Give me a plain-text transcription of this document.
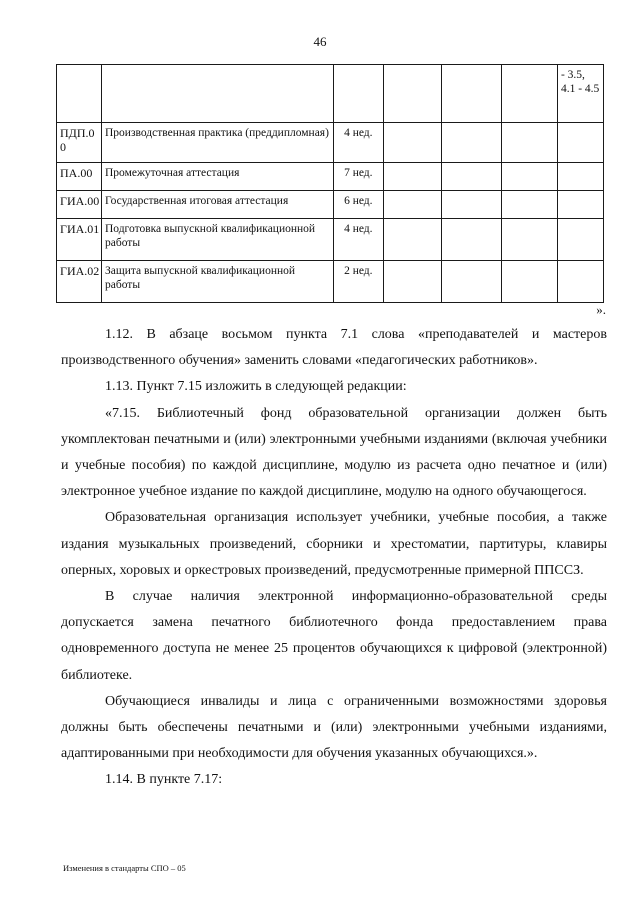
46
						- 3.5, 4.1 - 4.5
ПДП.0 0	Производственная практика (преддипломная)	4 нед.				
ПА.00	Промежуточная аттестация	7 нед.				
ГИА.00	Государственная итоговая аттестация	6 нед.				
ГИА.01	Подготовка выпускной квалификационной работы	4 нед.				
ГИА.02	Защита выпускной квалификационной работы	2 нед.				
».

1.12. В абзаце восьмом пункта 7.1 слова «преподавателей и мастеров производственного обучения» заменить словами «педагогических работников».

1.13. Пункт 7.15 изложить в следующей редакции:

«7.15. Библиотечный фонд образовательной организации должен быть укомплектован печатными и (или) электронными учебными изданиями (включая учебники и учебные пособия) по каждой дисциплине, модулю из расчета одно печатное и (или) электронное учебное издание по каждой дисциплине, модулю на одного обучающегося.

Образовательная организация использует учебники, учебные пособия, а также издания музыкальных произведений, сборники и хрестоматии, партитуры, клавиры оперных, хоровых и оркестровых произведений, предусмотренные примерной ППССЗ.

В случае наличия электронной информационно-образовательной среды допускается замена печатного библиотечного фонда предоставлением права одновременного доступа не менее 25 процентов обучающихся к цифровой (электронной) библиотеке.

Обучающиеся инвалиды и лица с ограниченными возможностями здоровья должны быть обеспечены печатными и (или) электронными учебными изданиями, адаптированными при необходимости для обучения указанных обучающихся.».

1.14. В пункте 7.17:

Изменения в стандарты СПО – 05
